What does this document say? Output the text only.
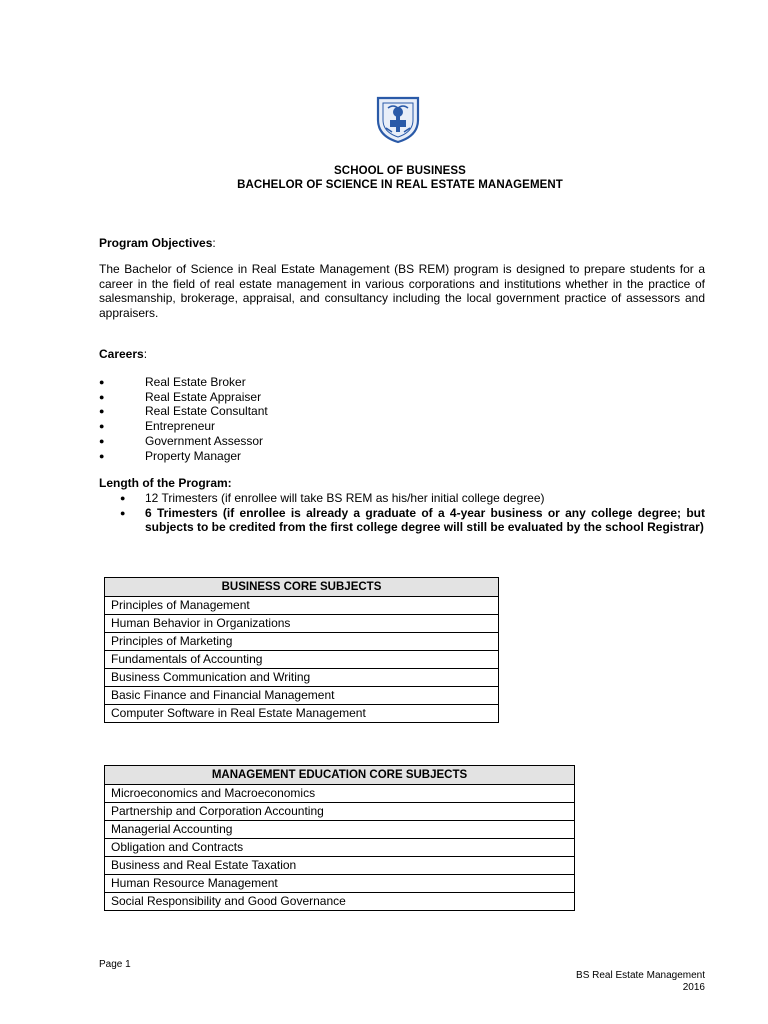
SCHOOL OF BUSINESS
BACHELOR OF SCIENCE IN REAL ESTATE MANAGEMENT
Program Objectives:

The Bachelor of Science in Real Estate Management (BS REM) program is designed to prepare students for a career in the field of real estate management in various corporations and institutions whether in the practice of salesmanship, brokerage, appraisal, and consultancy including the local government practice of assessors and appraisers.

Careers:
●	Real Estate Broker
●	Real Estate Appraiser
●	Real Estate Consultant
●	Entrepreneur
●	Government Assessor
●	Property Manager
Length of the Program:
● 12 Trimesters (if enrollee will take BS REM as his/her initial college degree)
● 6 Trimesters (if enrollee is already a graduate of a 4-year business or any college degree; but subjects to be credited from the first college degree will still be evaluated by the school Registrar)
BUSINESS CORE SUBJECTS
Principles of Management
Human Behavior in Organizations
Principles of Marketing
Fundamentals of Accounting
Business Communication and Writing
Basic Finance and Financial Management
Computer Software in Real Estate Management
MANAGEMENT EDUCATION CORE SUBJECTS
Microeconomics and Macroeconomics
Partnership and Corporation Accounting
Managerial Accounting
Obligation and Contracts
Business and Real Estate Taxation
Human Resource Management
Social Responsibility and Good Governance
Page 1
BS Real Estate Management
2016
